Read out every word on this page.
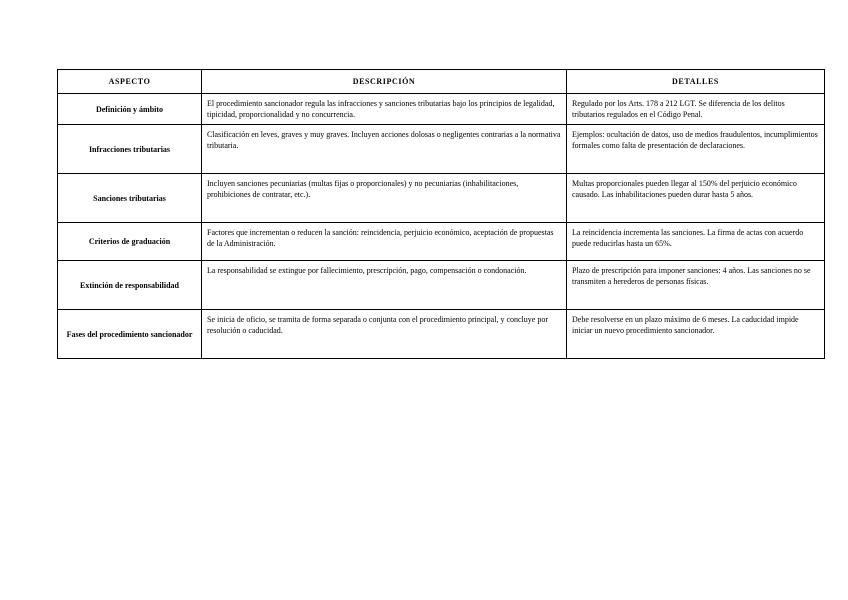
ASPECTO	DESCRIPCIÓN	DETALLES
Definición y ámbito	El procedimiento sancionador regula las infracciones y sanciones tributarias bajo los principios de legalidad, tipicidad, proporcionalidad y no concurrencia.	Regulado por los Arts. 178 a 212 LGT. Se diferencia de los delitos tributarios regulados en el Código Penal.
Infracciones tributarias	Clasificación en leves, graves y muy graves. Incluyen acciones dolosas o negligentes contrarias a la normativa tributaria.	Ejemplos: ocultación de datos, uso de medios fraudulentos, incumplimientos formales como falta de presentación de declaraciones.
Sanciones tributarias	Incluyen sanciones pecuniarias (multas fijas o proporcionales) y no pecuniarias (inhabilitaciones, prohibiciones de contratar, etc.).	Multas proporcionales pueden llegar al 150% del perjuicio económico causado. Las inhabilitaciones pueden durar hasta 5 años.
Criterios de graduación	Factores que incrementan o reducen la sanción: reincidencia, perjuicio económico, aceptación de propuestas de la Administración.	La reincidencia incrementa las sanciones. La firma de actas con acuerdo puede reducirlas hasta un 65%.
Extinción de responsabilidad	La responsabilidad se extingue por fallecimiento, prescripción, pago, compensación o condonación.	Plazo de prescripción para imponer sanciones: 4 años. Las sanciones no se transmiten a herederos de personas físicas.
Fases del procedimiento sancionador	Se inicia de oficio, se tramita de forma separada o conjunta con el procedimiento principal, y concluye por resolución o caducidad.	Debe resolverse en un plazo máximo de 6 meses. La caducidad impide iniciar un nuevo procedimiento sancionador.
